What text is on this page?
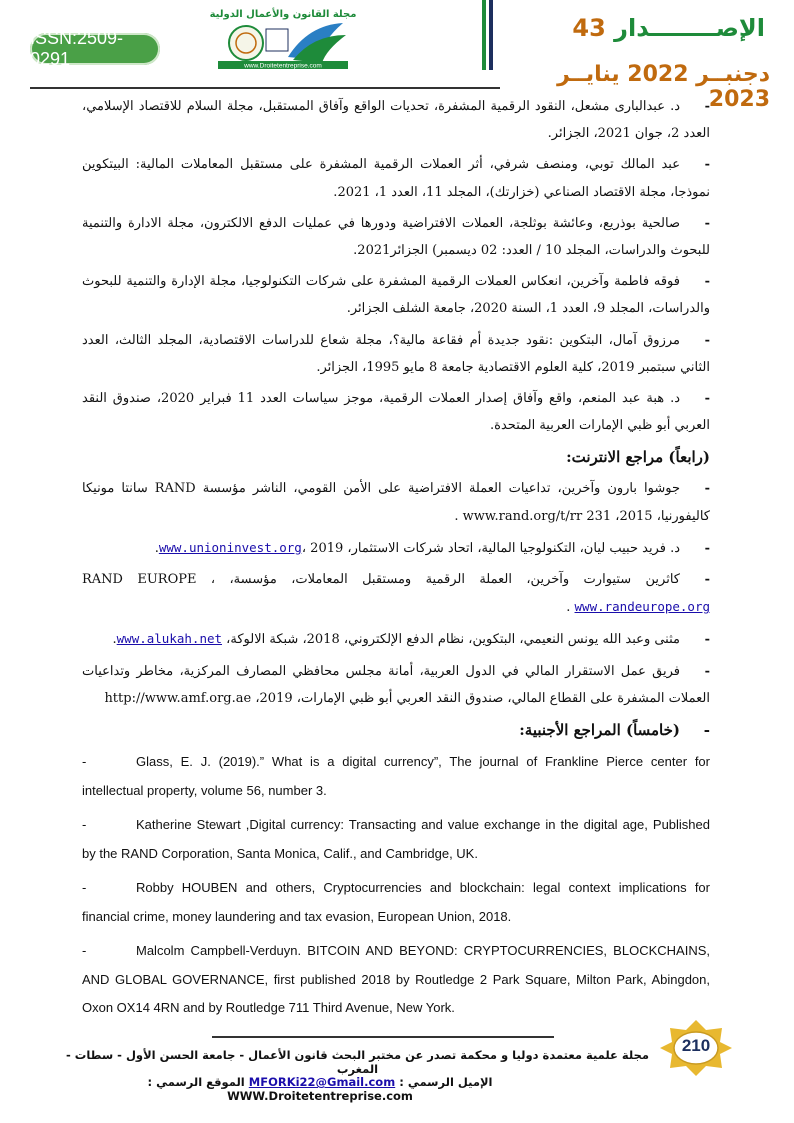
ISSN:2509-0291
مجلة القانون والأعمال الدولية
www.Droitetentreprise.com
الإصــــــــدار 43
دجنبــر 2022 ينايــر 2023

-د. عبدالبارى مشعل، النقود الرقمية المشفرة، تحديات الواقع وآفاق المستقبل، مجلة السلام للاقتصاد الإسلامي، العدد 2، جوان 2021، الجزائر.

-عبد المالك توبي، ومنصف شرفي، أثر العملات الرقمية المشفرة على مستقبل المعاملات المالية: البيتكوين نموذجا، مجلة الاقتصاد الصناعي (خزارتك)، المجلد 11، العدد 1، 2021.

-صالحية بوذريع، وعائشة بوثلجة، العملات الافتراضية ودورها في عمليات الدفع الالكترون، مجلة الادارة والتنمية للبحوث والدراسات، المجلد 10 / العدد: 02 ديسمبر) الجزائر2021.

-فوقه فاطمة وآخرين، انعكاس العملات الرقمية المشفرة على شركات التكنولوجيا، مجلة الإدارة والتنمية للبحوث والدراسات، المجلد 9، العدد 1، السنة 2020، جامعة الشلف الجزائر.

-مرزوق آمال، البتكوين :نقود جديدة أم فقاعة مالية؟، مجلة شعاع للدراسات الاقتصادية، المجلد الثالث، العدد الثاني سبتمبر 2019، كلية العلوم الاقتصادية جامعة 8 مايو 1995، الجزائر.

-د. هبة عبد المنعم، واقع وآفاق إصدار العملات الرقمية، موجز سياسات العدد 11 فبراير 2020، صندوق النقد العربي أبو ظبي الإمارات العربية المتحدة.

(رابعاً) مراجع الانترنت:

-جوشوا بارون وآخرين، تداعيات العملة الافتراضية على الأمن القومي، الناشر مؤسسة RAND سانتا مونيكا كاليفورنيا، 2015، www.rand.org/t/rr 231 .

-د. فريد حبيب ليان، التكنولوجيا المالية، اتحاد شركات الاستثمار، www.unioninvest.org، 2019.

-كاثرين ستيوارت وآخرين، العملة الرقمية ومستقبل المعاملات، مؤسسة، RAND EUROPE ، www.randeurope.org .

-مثنى وعبد الله يونس النعيمي، البتكوين، نظام الدفع الإلكتروني، 2018، شبكة الالوكة، www.alukah.net.

-فريق عمل الاستقرار المالي في الدول العربية، أمانة مجلس محافظي المصارف المركزية، مخاطر وتداعيات العملات المشفرة على القطاع المالي، صندوق النقد العربي أبو ظبي الإمارات، 2019، http://www.amf.org.ae

-(خامساً) المراجع الأجنبية:

-	Glass, E. J. (2019).” What is a digital currency”, The journal of Frankline Pierce center for intellectual property, volume 56, number 3.

-	Katherine Stewart ,Digital currency: Transacting and value exchange in the digital age, Published by the RAND Corporation, Santa Monica, Calif., and Cambridge, UK.

-	Robby HOUBEN and others, Cryptocurrencies and blockchain: legal context implications for financial crime, money laundering and tax evasion, European Union, 2018.

-	Malcolm Campbell-Verduyn. BITCOIN AND BEYOND: CRYPTOCURRENCIES, BLOCKCHAINS, AND GLOBAL GOVERNANCE, first published 2018 by Routledge 2 Park Square, Milton Park, Abingdon, Oxon OX14 4RN and by Routledge 711 Third Avenue, New York.

مجلة علمية معتمدة دوليا و محكمة تصدر عن مختبر البحث قانون الأعمال - جامعة الحسن الأول - سطات - المغرب
الإميل الرسمي : MFORKi22@Gmail.com الموقع الرسمي : WWW.Droitetentreprise.com
210
